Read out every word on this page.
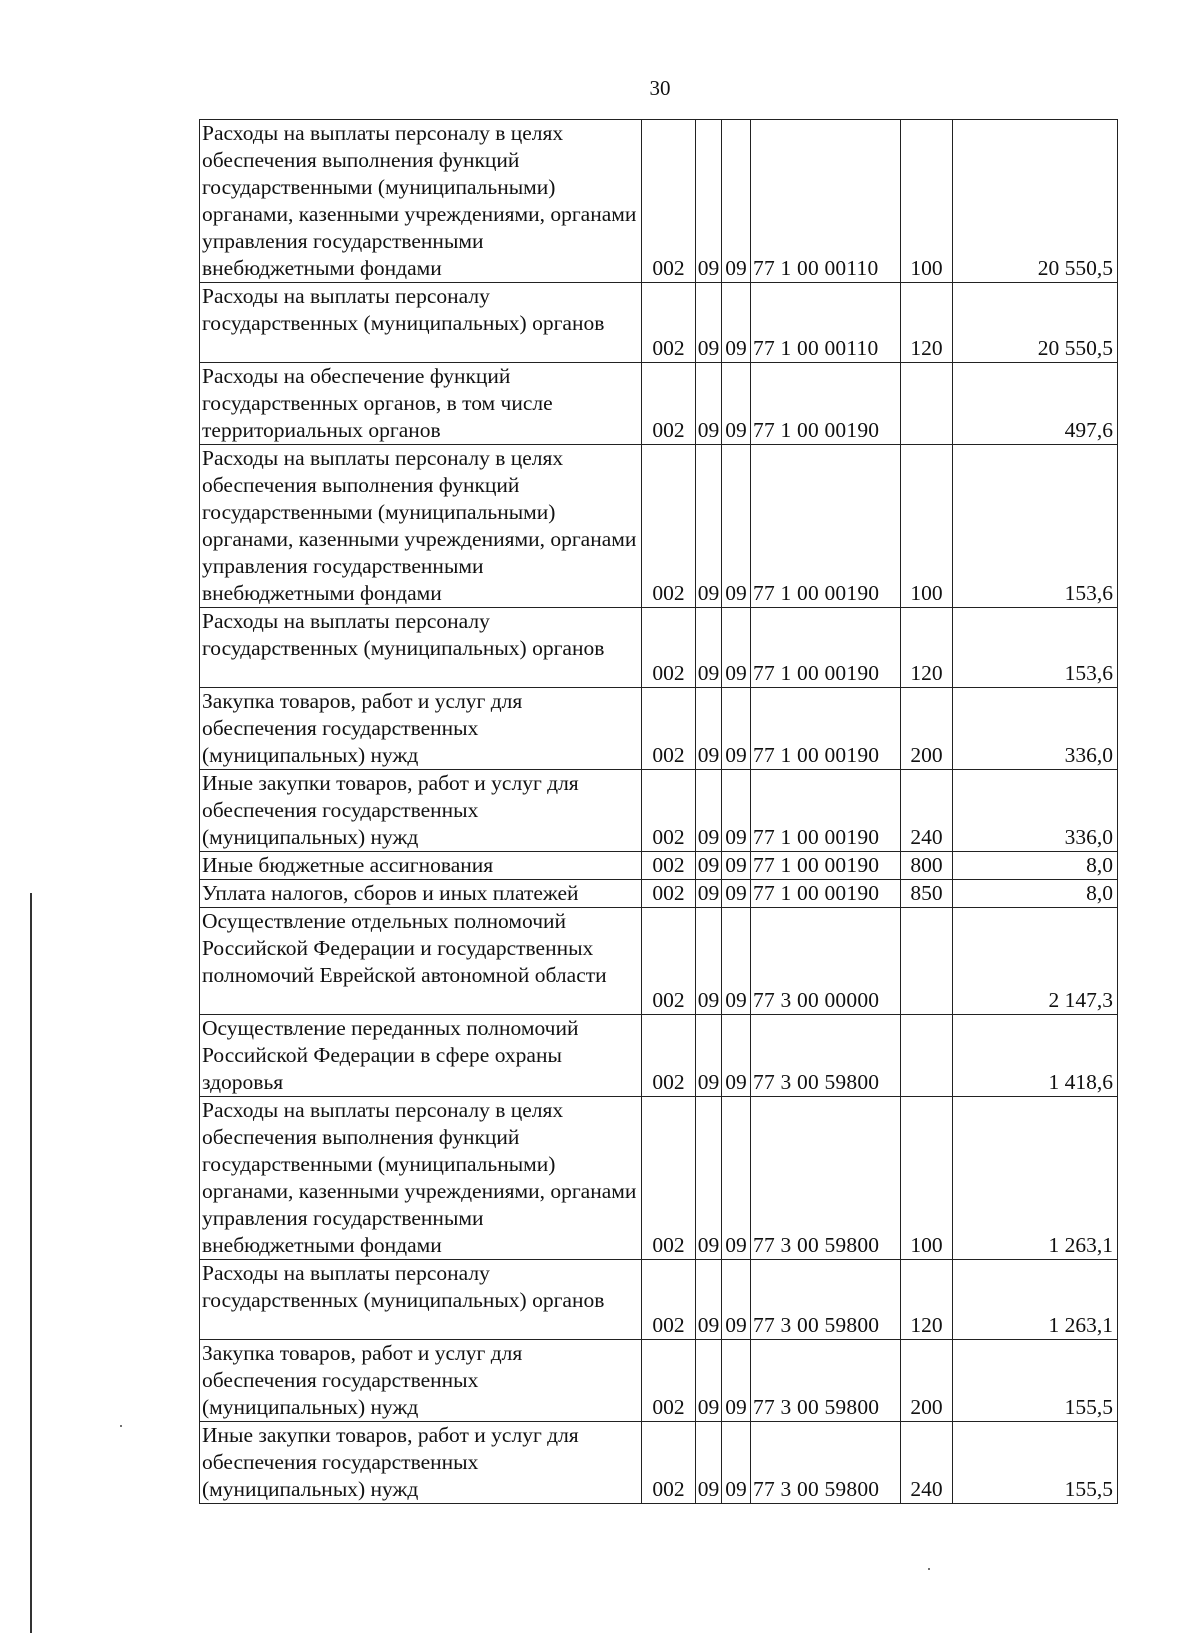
30
Расходы на выплаты персоналу в целях обеспечения выполнения функций государственными (муниципальными) органами, казенными учреждениями, органами управления государственными внебюджетными фондами	002	09	09	77 1 00 00110	100	20 550,5
Расходы на выплаты персоналу государственных (муниципальных) органов	002	09	09	77 1 00 00110	120	20 550,5
Расходы на обеспечение функций государственных органов, в том числе территориальных органов	002	09	09	77 1 00 00190		497,6
Расходы на выплаты персоналу в целях обеспечения выполнения функций государственными (муниципальными) органами, казенными учреждениями, органами управления государственными внебюджетными фондами	002	09	09	77 1 00 00190	100	153,6
Расходы на выплаты персоналу государственных (муниципальных) органов	002	09	09	77 1 00 00190	120	153,6
Закупка товаров, работ и услуг для обеспечения государственных (муниципальных) нужд	002	09	09	77 1 00 00190	200	336,0
Иные закупки товаров, работ и услуг для обеспечения государственных (муниципальных) нужд	002	09	09	77 1 00 00190	240	336,0
Иные бюджетные ассигнования	002	09	09	77 1 00 00190	800	8,0
Уплата налогов, сборов и иных платежей	002	09	09	77 1 00 00190	850	8,0
Осуществление отдельных полномочий Российской Федерации и государственных полномочий Еврейской автономной области	002	09	09	77 3 00 00000		2 147,3
Осуществление переданных полномочий Российской Федерации в сфере охраны здоровья	002	09	09	77 3 00 59800		1 418,6
Расходы на выплаты персоналу в целях обеспечения выполнения функций государственными (муниципальными) органами, казенными учреждениями, органами управления государственными внебюджетными фондами	002	09	09	77 3 00 59800	100	1 263,1
Расходы на выплаты персоналу государственных (муниципальных) органов	002	09	09	77 3 00 59800	120	1 263,1
Закупка товаров, работ и услуг для обеспечения государственных (муниципальных) нужд	002	09	09	77 3 00 59800	200	155,5
Иные закупки товаров, работ и услуг для обеспечения государственных (муниципальных) нужд	002	09	09	77 3 00 59800	240	155,5
